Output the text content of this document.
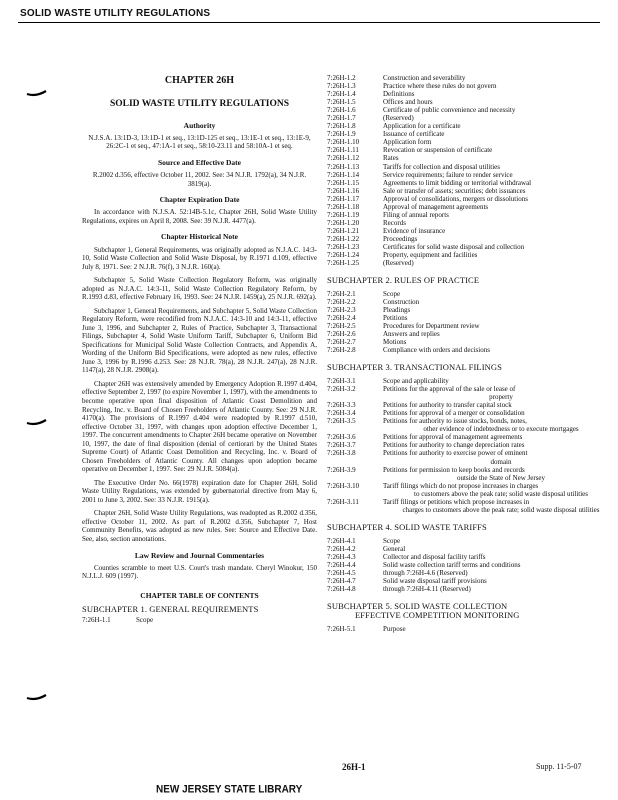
SOLID WASTE UTILITY REGULATIONS
CHAPTER 26H
SOLID WASTE UTILITY REGULATIONS
Authority

N.J.S.A. 13:1D-3, 13:1D-1 et seq., 13:1D-125 et seq., 13:1E-1 et seq., 13:1E-9, 26:2C-1 et seq., 47:1A-1 et seq., 58:10-23.11 and 58:10A-1 et seq.

Source and Effective Date

R.2002 d.356, effective October 11, 2002. See: 34 N.J.R. 1792(a), 34 N.J.R. 3819(a).

Chapter Expiration Date

In accordance with N.J.S.A. 52:14B-5.1c, Chapter 26H, Solid Waste Utility Regulations, expires on April 8, 2008. See: 39 N.J.R. 4477(a).

Chapter Historical Note

Subchapter 1, General Requirements, was originally adopted as N.J.A.C. 14:3-10, Solid Waste Collection and Solid Waste Disposal, by R.1971 d.109, effective July 8, 1971. See: 2 N.J.R. 76(f), 3 N.J.R. 160(a).

Subchapter 5, Solid Waste Collection Regulatory Reform, was originally adopted as N.J.A.C. 14:3-11, Solid Waste Collection Regulatory Reform, by R.1993 d.83, effective February 16, 1993. See: 24 N.J.R. 1459(a), 25 N.J.R. 692(a).

Subchapter 1, General Requirements, and Subchapter 5, Solid Waste Collection Regulatory Reform, were recodified from N.J.A.C. 14:3-10 and 14:3-11, effective June 3, 1996, and Subchapter 2, Rules of Practice, Subchapter 3, Transactional Filings, Subchapter 4, Solid Waste Uniform Tariff, Subchapter 6, Uniform Bid Specifications for Municipal Solid Waste Collection Contracts, and Appendix A, Wording of the Uniform Bid Specifications, were adopted as new rules, effective June 3, 1996 by R.1996 d.253. See: 28 N.J.R. 78(a), 28 N.J.R. 247(a), 28 N.J.R. 1147(a), 28 N.J.R. 2908(a).

Chapter 26H was extensively amended by Emergency Adoption R.1997 d.404, effective September 2, 1997 (to expire November 1, 1997), with the amendments to become operative upon final disposition of Atlantic Coast Demolition and Recycling, Inc. v. Board of Chosen Freeholders of Atlantic County. See: 29 N.J.R. 4170(a). The provisions of R.1997 d.404 were readopted by R.1997 d.510, effective October 31, 1997, with changes upon adoption effective December 1, 1997. The concurrent amendments to Chapter 26H became operative on November 10, 1997, the date of final disposition (denial of certiorari by the United States Supreme Court) of Atlantic Coast Demolition and Recycling, Inc. v. Board of Chosen Freeholders of Atlantic County. All changes upon adoption became operative on December 1, 1997. See: 29 N.J.R. 5084(a).

The Executive Order No. 66(1978) expiration date for Chapter 26H, Solid Waste Utility Regulations, was extended by gubernatorial directive from May 6, 2001 to June 3, 2002. See: 33 N.J.R. 1915(a).

Chapter 26H, Solid Waste Utility Regulations, was readopted as R.2002 d.356, effective October 11, 2002. As part of R.2002 d.356, Subchapter 7, Host Community Benefits, was adopted as new rules. See: Source and Effective Date. See, also, section annotations.

Law Review and Journal Commentaries

Counties scramble to meet U.S. Court's trash mandate. Cheryl Winokur, 150 N.J.L.J. 609 (1997).

CHAPTER TABLE OF CONTENTS
SUBCHAPTER 1. GENERAL REQUIREMENTS
7:26H-1.1	Scope
7:26H-1.2	Construction and severability
7:26H-1.3	Practice where these rules do not govern
7:26H-1.4	Definitions
7:26H-1.5	Offices and hours
7:26H-1.6	Certificate of public convenience and necessity
7:26H-1.7	(Reserved)
7:26H-1.8	Application for a certificate
7:26H-1.9	Issuance of certificate
7:26H-1.10	Application form
7:26H-1.11	Revocation or suspension of certificate
7:26H-1.12	Rates
7:26H-1.13	Tariffs for collection and disposal utilities
7:26H-1.14	Service requirements; failure to render service
7:26H-1.15	Agreements to limit bidding or territorial withdrawal
7:26H-1.16	Sale or transfer of assets; securities; debt issuances
7:26H-1.17	Approval of consolidations, mergers or dissolutions
7:26H-1.18	Approval of management agreements
7:26H-1.19	Filing of annual reports
7:26H-1.20	Records
7:26H-1.21	Evidence of insurance
7:26H-1.22	Proceedings
7:26H-1.23	Certificates for solid waste disposal and collection
7:26H-1.24	Property, equipment and facilities
7:26H-1.25	(Reserved)
SUBCHAPTER 2. RULES OF PRACTICE
7:26H-2.1	Scope
7:26H-2.2	Construction
7:26H-2.3	Pleadings
7:26H-2.4	Petitions
7:26H-2.5	Procedures for Department review
7:26H-2.6	Answers and replies
7:26H-2.7	Motions
7:26H-2.8	Compliance with orders and decisions
SUBCHAPTER 3. TRANSACTIONAL FILINGS
7:26H-3.1	Scope and applicability
7:26H-3.2	Petitions for the approval of the sale or lease of
property
7:26H-3.3	Petitions for authority to transfer capital stock
7:26H-3.4	Petitions for approval of a merger or consolidation
7:26H-3.5	Petitions for authority to issue stocks, bonds, notes,
other evidence of indebtedness or to execute mortgages
7:26H-3.6	Petitions for approval of management agreements
7:26H-3.7	Petitions for authority to change depreciation rates
7:26H-3.8	Petitions for authority to exercise power of eminent
domain
7:26H-3.9	Petitions for permission to keep books and records
outside the State of New Jersey
7:26H-3.10	Tariff filings which do not propose increases in charges
to customers above the peak rate; solid waste disposal utilities
7:26H-3.11	Tariff filings or petitions which propose increases in
charges to customers above the peak rate; solid waste disposal utilities
SUBCHAPTER 4. SOLID WASTE TARIFFS
7:26H-4.1	Scope
7:26H-4.2	General
7:26H-4.3	Collector and disposal facility tariffs
7:26H-4.4	Solid waste collection tariff terms and conditions
7:26H-4.5	through 7:26H-4.6 (Reserved)
7:26H-4.7	Solid waste disposal tariff provisions
7:26H-4.8	through 7:26H-4.11 (Reserved)
SUBCHAPTER 5. SOLID WASTE COLLECTION
EFFECTIVE COMPETITION MONITORING
7:26H-5.1	Purpose
26H-1	Supp. 11-5-07
NEW JERSEY STATE LIBRARY
